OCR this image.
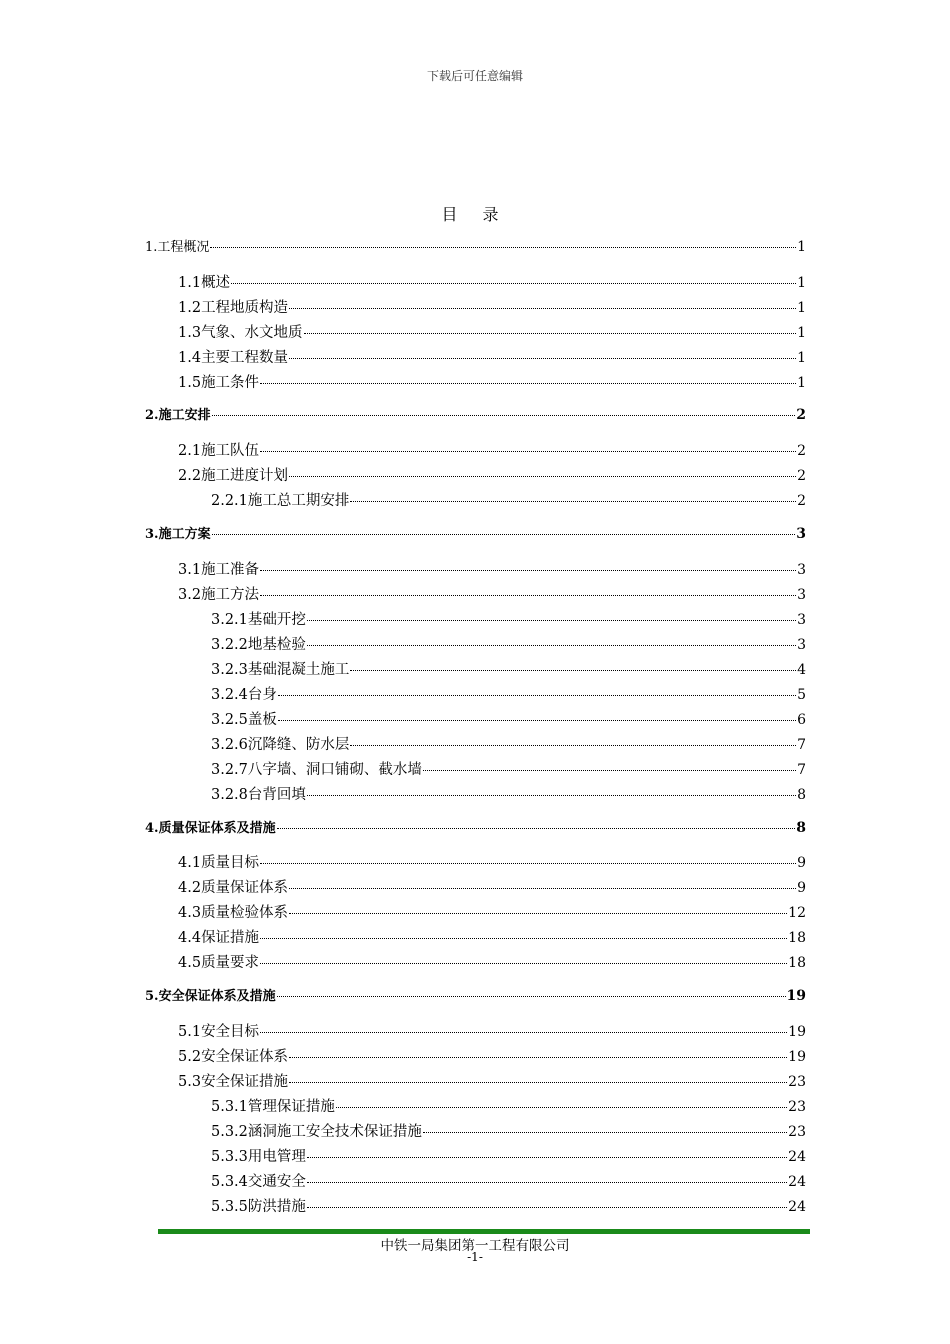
下载后可任意编辑
目 录
1. 工程概况	1
1.1 概述	1
1.2 工程地质构造	1
1.3 气象、水文地质	1
1.4 主要工程数量	1
1.5 施工条件	1
2. 施工安排	2
2.1 施工队伍	2
2.2 施工进度计划	2
2.2.1 施工总工期安排	2
3. 施工方案	3
3.1 施工准备	3
3.2 施工方法	3
3.2.1 基础开挖	3
3.2.2 地基检验	3
3.2.3 基础混凝土施工	4
3.2.4 台身	5
3.2.5 盖板	6
3.2.6 沉降缝、防水层	7
3.2.7 八字墙、洞口铺砌、截水墙	7
3.2.8 台背回填	8
4. 质量保证体系及措施	8
4.1 质量目标	9
4.2 质量保证体系	9
4.3 质量检验体系	12
4.4 保证措施	18
4.5 质量要求	18
5. 安全保证体系及措施	19
5.1 安全目标	19
5.2 安全保证体系	19
5.3 安全保证措施	23
5.3.1 管理保证措施	23
5.3.2 涵洞施工安全技术保证措施	23
5.3.3 用电管理	24
5.3.4 交通安全	24
5.3.5 防洪措施	24
中铁一局集团第一工程有限公司
-1-
